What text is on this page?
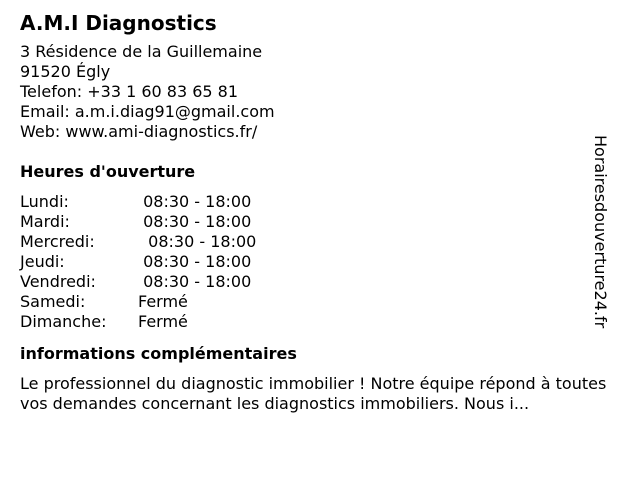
A.M.I Diagnostics
3 Résidence de la Guillemaine
91520 Égly
Telefon: +33 1 60 83 65 81
Email: a.m.i.diag91@gmail.com
Web: www.ami-diagnostics.fr/
Heures d'ouverture
Lundi:	08:30 - 18:00
Mardi:	08:30 - 18:00
Mercredi:	08:30 - 18:00
Jeudi:	08:30 - 18:00
Vendredi:	08:30 - 18:00
Samedi:	Fermé
Dimanche:	Fermé
informations complémentaires
Le professionnel du diagnostic immobilier ! Notre équipe répond à toutes vos demandes concernant les diagnostics immobiliers. Nous i...
Horairesdouverture24.fr
